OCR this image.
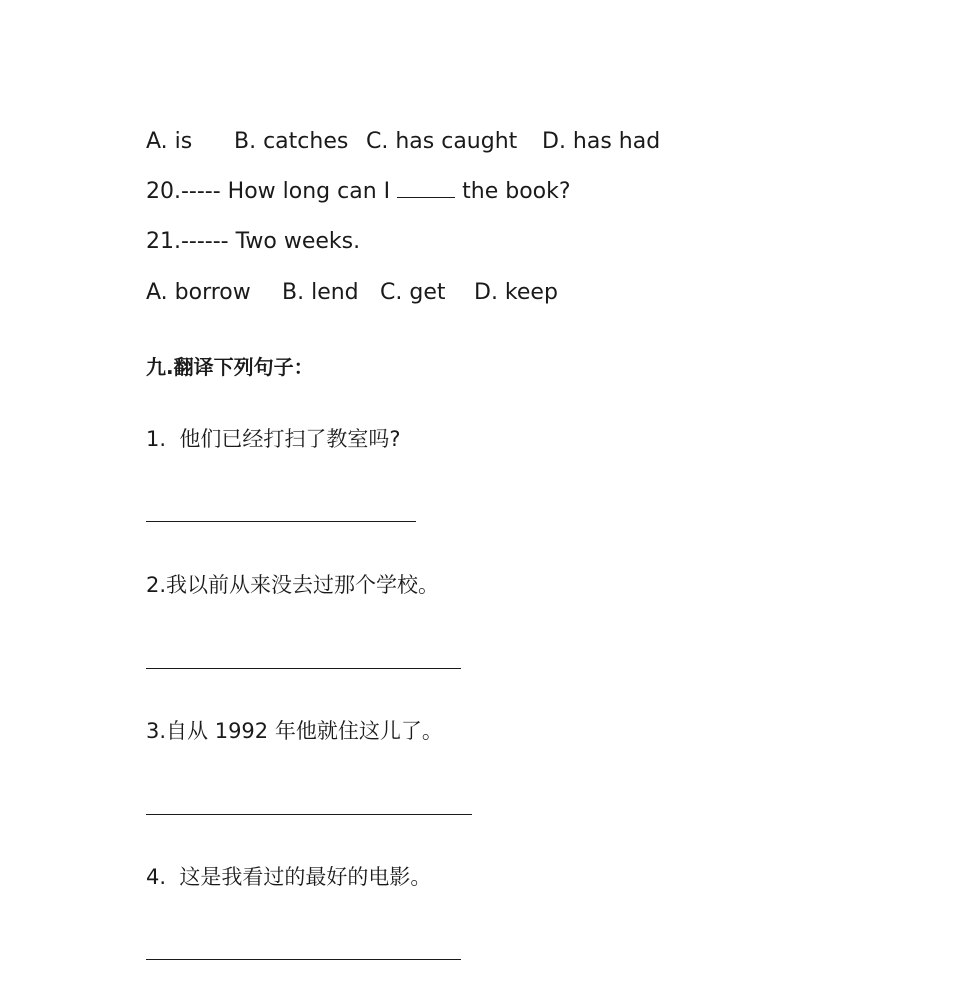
A. is B. catches C. has caught D. has had
20.----- How long can I	the book?
21.------ Two weeks.
A. borrow B. lend C. get D. keep
九.翻译下列句子：
1.  他们已经打扫了教室吗?
2.我以前从来没去过那个学校。
3.自从 1992 年他就住这儿了。
4.  这是我看过的最好的电影。
